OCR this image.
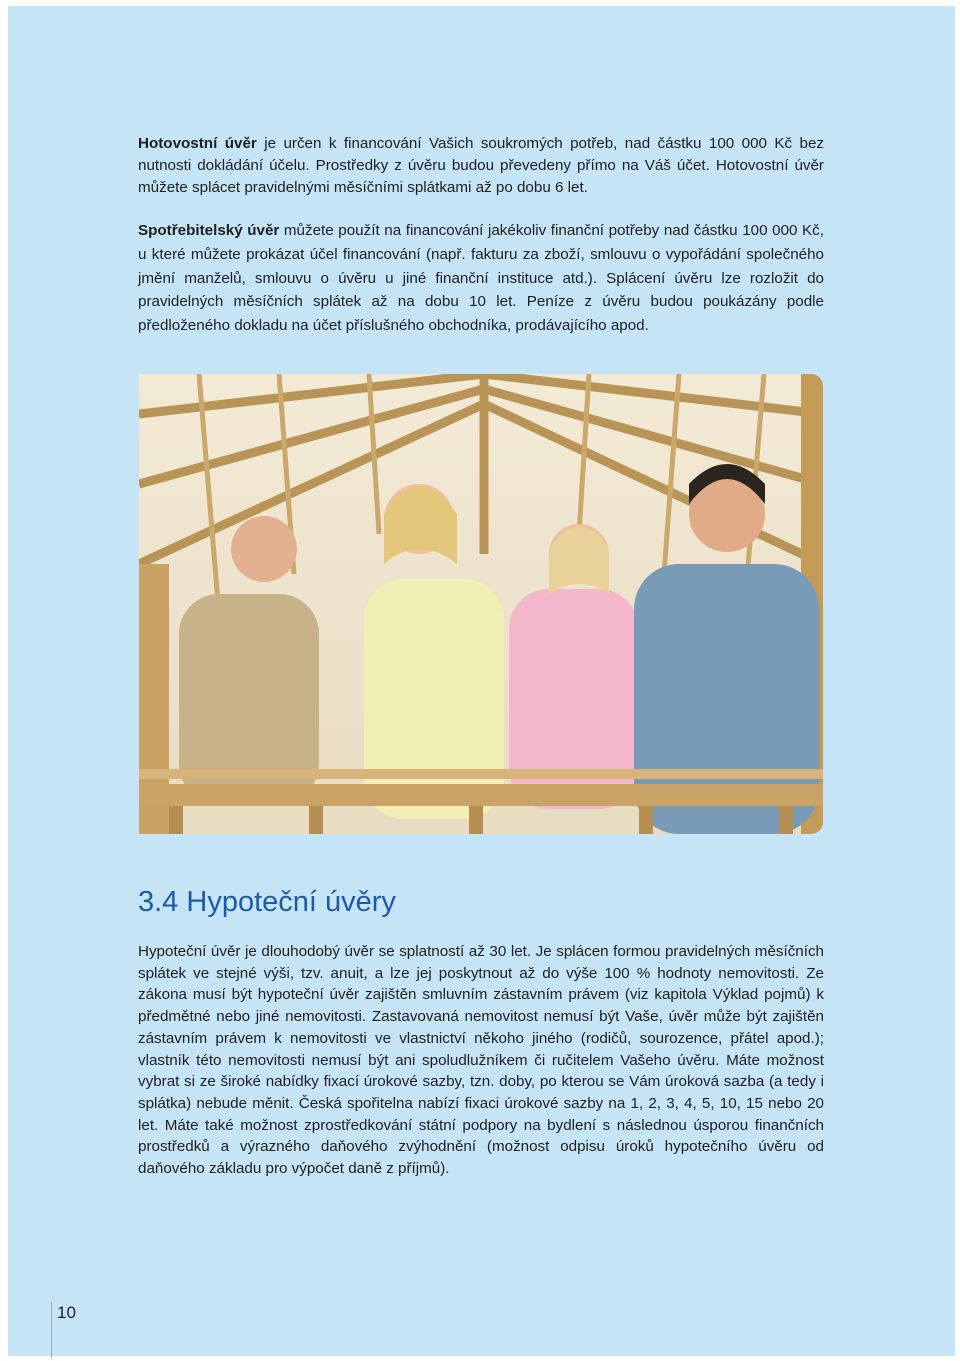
Hotovostní úvěr je určen k financování Vašich soukromých potřeb, nad částku 100 000 Kč bez nutnosti dokládání účelu. Prostředky z úvěru budou převedeny přímo na Váš účet. Hotovostní úvěr můžete splácet pravidelnými měsíčními splátkami až po dobu 6 let.

Spotřebitelský úvěr můžete použít na financování jakékoliv finanční potřeby nad částku 100 000 Kč, u které můžete prokázat účel financování (např. fakturu za zboží, smlouvu o vypořádání společného jmění manželů, smlouvu o úvěru u jiné finanční instituce atd.). Splácení úvěru lze rozložit do pravidelných měsíčních splátek až na dobu 10 let. Peníze z úvěru budou poukázány podle předloženého dokladu na účet příslušného obchodníka, prodávajícího apod.

3.4 Hypoteční úvěry

Hypoteční úvěr je dlouhodobý úvěr se splatností až 30 let. Je splácen formou pravidelných měsíčních splátek ve stejné výši, tzv. anuit, a lze jej poskytnout až do výše 100 % hodnoty nemovitosti. Ze zákona musí být hypoteční úvěr zajištěn smluvním zástavním právem (viz kapitola Výklad pojmů) k předmětné nebo jiné nemovitosti. Zastavovaná nemovitost nemusí být Vaše, úvěr může být zajištěn zástavním právem k nemovitosti ve vlastnictví někoho jiného (rodičů, sourozence, přátel apod.); vlastník této nemovitosti nemusí být ani spoludlužníkem či ručitelem Vašeho úvěru. Máte možnost vybrat si ze široké nabídky fixací úrokové sazby, tzn. doby, po kterou se Vám úroková sazba (a tedy i splátka) nebude měnit. Česká spořitelna nabízí fixaci úrokové sazby na 1, 2, 3, 4, 5, 10, 15 nebo 20 let. Máte také možnost zprostředkování státní podpory na bydlení s následnou úsporou finančních prostředků a výrazného daňového zvýhodnění (možnost odpisu úroků hypotečního úvěru od daňového základu pro výpočet daně z příjmů).

10
